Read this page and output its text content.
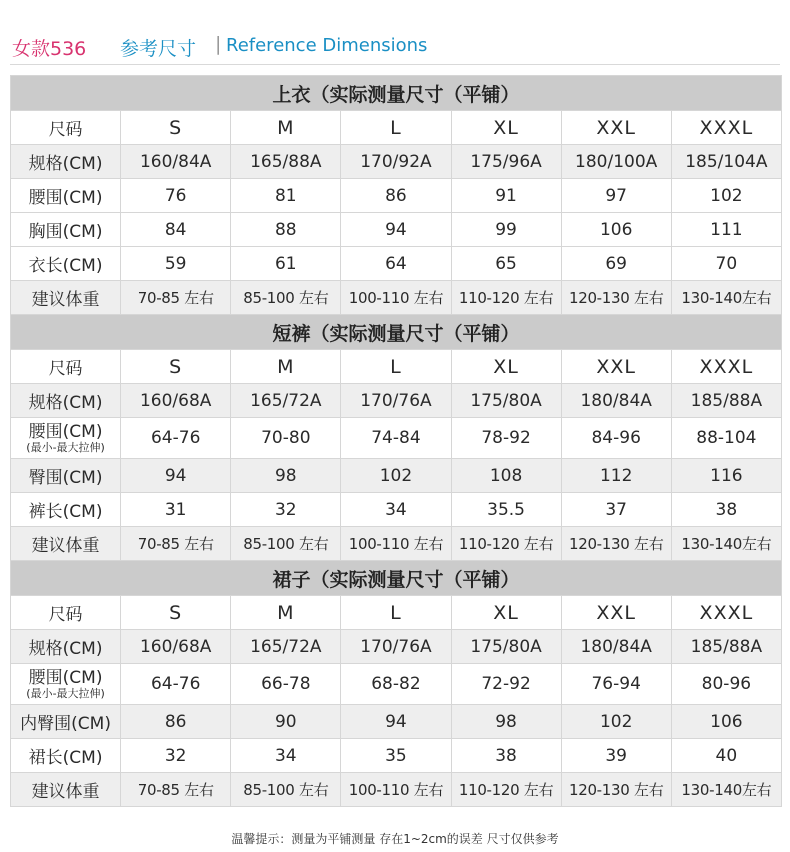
女款536 参考尺寸 | Reference Dimensions
上衣（实际测量尺寸（平铺）						
尺码	S	M	L	XL	XXL	XXXL
规格(CM)	160/84A	165/88A	170/92A	175/96A	180/100A	185/104A
腰围(CM)	76	81	86	91	97	102
胸围(CM)	84	88	94	99	106	111
衣长(CM)	59	61	64	65	69	70
建议体重	70-85 左右	85-100 左右	100-110 左右	110-120 左右	120-130 左右	130-140左右
短裤（实际测量尺寸（平铺）						
尺码	S	M	L	XL	XXL	XXXL
规格(CM)	160/68A	165/72A	170/76A	175/80A	180/84A	185/88A

腰围(CM)
(最小-最大拉伸)	64-76	70-80	74-84	78-92	84-96	88-104
臀围(CM)	94	98	102	108	112	116
裤长(CM)	31	32	34	35.5	37	38
建议体重	70-85 左右	85-100 左右	100-110 左右	110-120 左右	120-130 左右	130-140左右
裙子（实际测量尺寸（平铺）						
尺码	S	M	L	XL	XXL	XXXL
规格(CM)	160/68A	165/72A	170/76A	175/80A	180/84A	185/88A

腰围(CM)
(最小-最大拉伸)	64-76	66-78	68-82	72-92	76-94	80-96
内臀围(CM)	86	90	94	98	102	106
裙长(CM)	32	34	35	38	39	40
建议体重	70-85 左右	85-100 左右	100-110 左右	110-120 左右	120-130 左右	130-140左右
温馨提示：测量为平铺测量 存在1~2cm的误差 尺寸仅供参考
